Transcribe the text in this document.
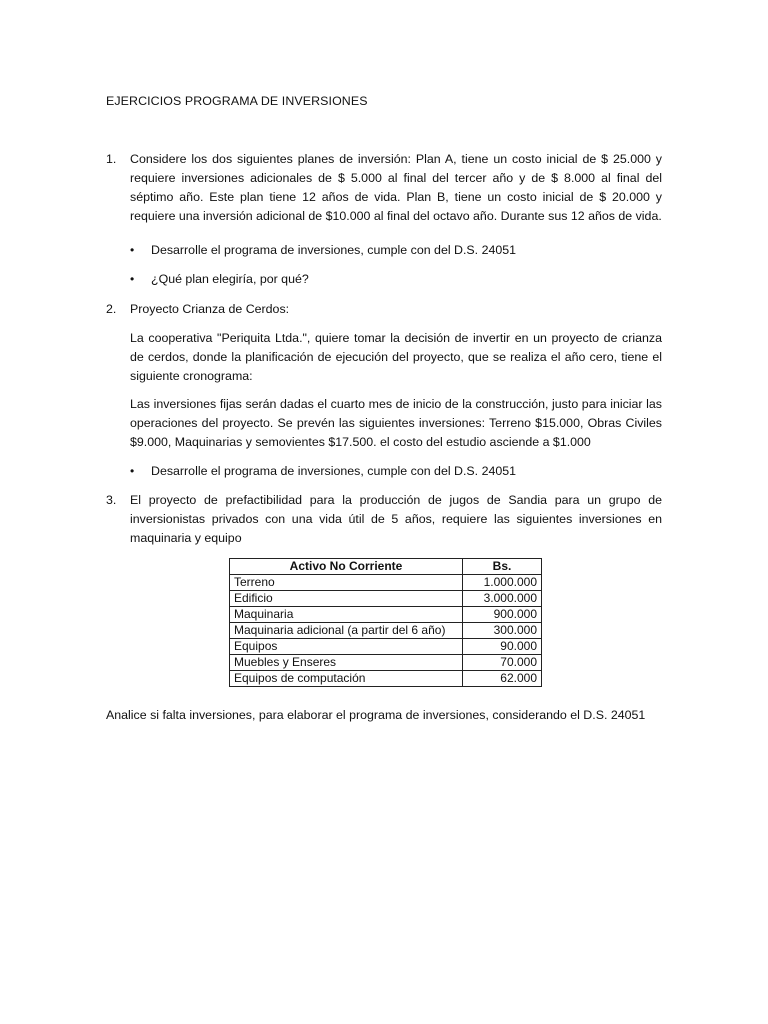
EJERCICIOS PROGRAMA DE INVERSIONES
1.	Considere los dos siguientes planes de inversión: Plan A, tiene un costo inicial de $ 25.000 y requiere inversiones adicionales de $ 5.000 al final del tercer año y de $ 8.000 al final del séptimo año. Este plan tiene 12 años de vida. Plan B, tiene un costo inicial de $ 20.000 y requiere una inversión adicional de $10.000 al final del octavo año. Durante sus 12 años de vida.
• Desarrolle el programa de inversiones, cumple con del D.S. 24051
• ¿Qué plan elegiría, por qué?
2.	Proyecto Crianza de Cerdos:
La cooperativa "Periquita Ltda.", quiere tomar la decisión de invertir en un proyecto de crianza de cerdos, donde la planificación de ejecución del proyecto, que se realiza el año cero, tiene el siguiente cronograma:
Las inversiones fijas serán dadas el cuarto mes de inicio de la construcción, justo para iniciar las operaciones del proyecto. Se prevén las siguientes inversiones: Terreno $15.000, Obras Civiles $9.000, Maquinarias y semovientes $17.500. el costo del estudio asciende a $1.000
• Desarrolle el programa de inversiones, cumple con del D.S. 24051
3.	El proyecto de prefactibilidad para la producción de jugos de Sandia para un grupo de inversionistas privados con una vida útil de 5 años, requiere las siguientes inversiones en maquinaria y equipo
Activo No Corriente	Bs.
Terreno	1.000.000
Edificio	3.000.000
Maquinaria	900.000
Maquinaria adicional (a partir del 6 año)	300.000
Equipos	90.000
Muebles y Enseres	70.000
Equipos de computación	62.000
Analice si falta inversiones, para elaborar el programa de inversiones, considerando el D.S. 24051
